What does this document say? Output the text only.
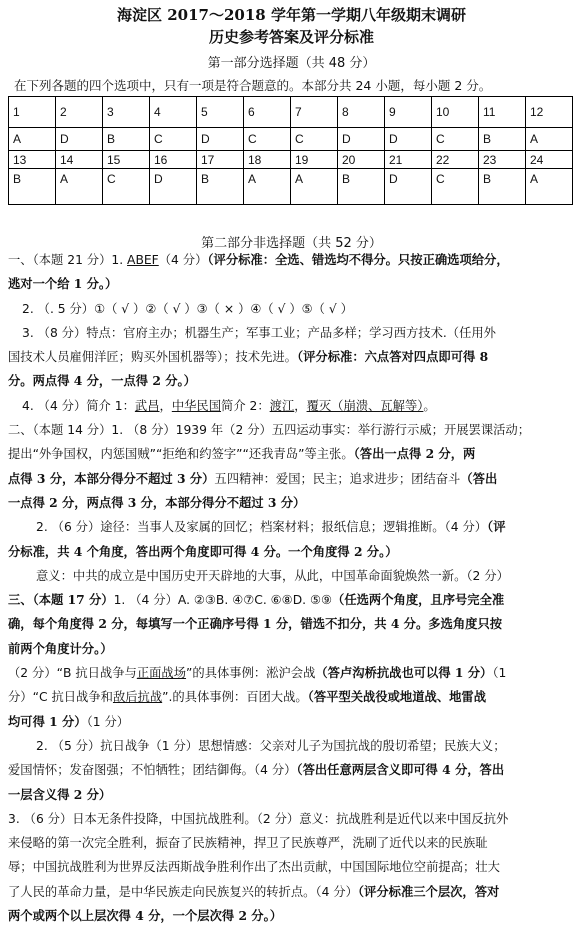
海淀区 2017～2018 学年第一学期八年级期末调研
历史参考答案及评分标准
第一部分选择题（共 48 分）
在下列各题的四个选项中，只有一项是符合题意的。本部分共 24 小题，每小题 2 分。
1	2	3	4	5	6	7	8	9	10	11	12
A	D	B	C	D	C	C	D	D	C	B	A
13	14	15	16	17	18	19	20	21	22	23	24
B	A	C	D	B	A	A	B	D	C	B	A
第二部分非选择题（共 52 分）
一、（本题 21 分）1. ABEF（4 分）（评分标准：全选、错选均不得分。只按正确选项给分，
逃对一个给 1 分。）
2. （. 5 分）①（ √ ）②（ √ ）③（ × ）④（ √ ）⑤（ √ ）
3. （8 分）特点：官府主办；机器生产；军事工业；产品多样；学习西方技术.（任用外
国技术人员雇佣洋匠；购买外国机器等）；技术先进。（评分标准：六点答对四点即可得 8
分。两点得 4 分，一点得 2 分。）
4. （4 分）简介 1：武昌，中华民国简介 2：渡江，覆灭（崩溃、瓦解等）。
二、（本题 14 分）1. （8 分）1939 年（2 分）五四运动事实：举行游行示威；开展罢课活动；
提出“外争国权，内惩国贼”“拒绝和约签字”“还我青岛”等主张。（答出一点得 2 分，两
点得 3 分，本部分得分不超过 3 分）五四精神：爱国；民主；追求进步；团结奋斗（答出
一点得 2 分，两点得 3 分，本部分得分不超过 3 分）
2. （6 分）途径：当事人及家属的回忆；档案材料；报纸信息；逻辑推断。（4 分）（评
分标准，共 4 个角度，答出两个角度即可得 4 分。一个角度得 2 分。）
意义：中共的成立是中国历史开天辟地的大事，从此，中国革命面貌焕然一新。（2 分）
三、（本题 17 分）1. （4 分）A. ②③B. ④⑦C. ⑥⑧D. ⑤⑨（任选两个角度，且序号完全准
确，每个角度得 2 分，每填写一个正确序号得 1 分，错选不扣分，共 4 分。多选角度只按
前两个角度计分。）
（2 分）“B 抗日战争与正面战场”的具体事例：淞沪会战（答卢沟桥抗战也可以得 1 分）（1
分）“C 抗日战争和敌后抗战”.的具体事例：百团大战。（答平型关战役或地道战、地雷战
均可得 1 分）（1 分）
2. （5 分）抗日战争（1 分）思想情感：父亲对儿子为国抗战的殷切希望；民族大义；
爱国情怀；发奋图强；不怕牺牲；团结御侮。（4 分）（答出任意两层含义即可得 4 分，答出
一层含义得 2 分）
3. （6 分）日本无条件投降，中国抗战胜利。（2 分）意义：抗战胜利是近代以来中国反抗外
来侵略的第一次完全胜利，振奋了民族精神，捍卫了民族尊严，洗刷了近代以来的民族耻
辱；中国抗战胜利为世界反法西斯战争胜利作出了杰出贡献，中国国际地位空前提高；壮大
了人民的革命力量，是中华民族走向民族复兴的转折点。（4 分）（评分标准三个层次，答对
两个或两个以上层次得 4 分，一个层次得 2 分。）
